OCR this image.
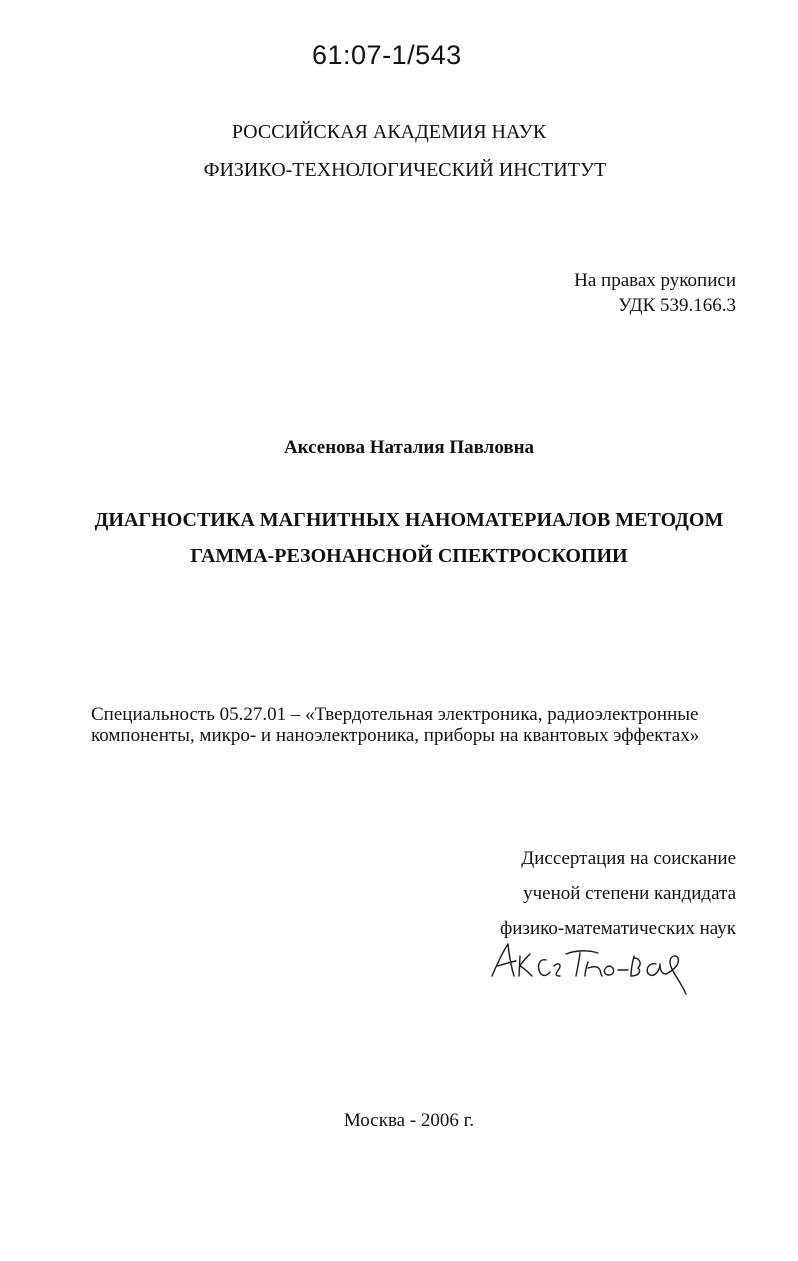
61:07-1/543
РОССИЙСКАЯ АКАДЕМИЯ НАУК
ФИЗИКО-ТЕХНОЛОГИЧЕСКИЙ ИНСТИТУТ
На правах рукописи
УДК 539.166.3
Аксенова Наталия Павловна
ДИАГНОСТИКА МАГНИТНЫХ НАНОМАТЕРИАЛОВ МЕТОДОМ
ГАММА-РЕЗОНАНСНОЙ СПЕКТРОСКОПИИ
Специальность 05.27.01 – «Твердотельная электроника, радиоэлектронные
компоненты, микро- и наноэлектроника, приборы на квантовых эффектах»
Диссертация на соискание
ученой степени кандидата
физико-математических наук
Москва - 2006 г.
